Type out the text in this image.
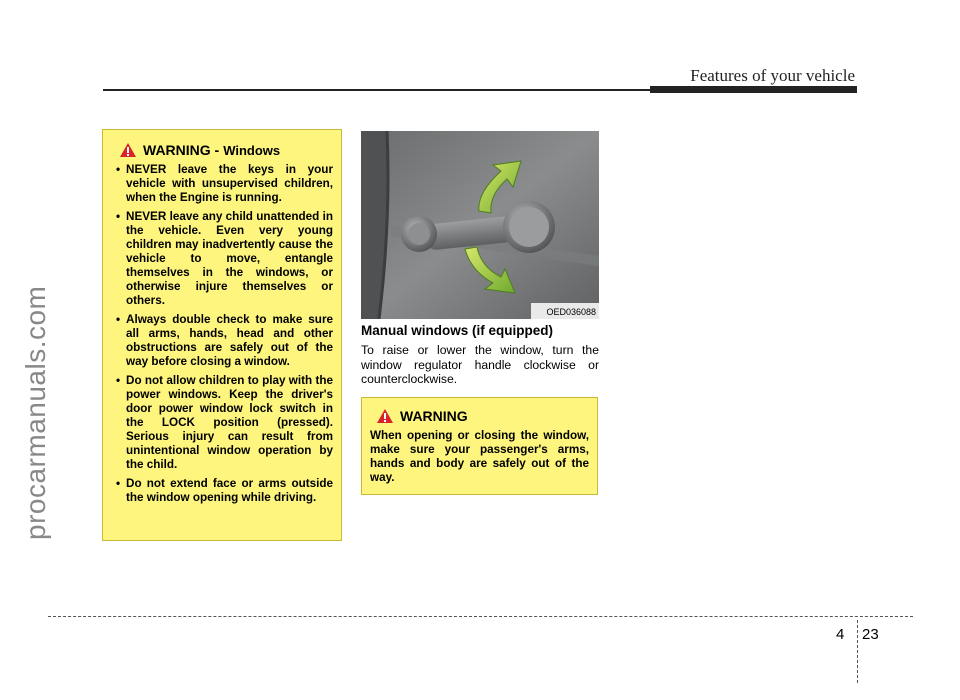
Features of your vehicle
procarmanuals.com
WARNING - Windows
• NEVER leave the keys in your vehicle with unsupervised children, when the Engine is running.
• NEVER leave any child unattended in the vehicle. Even very young children may inadvertently cause the vehicle to move, entangle themselves in the windows, or otherwise injure themselves or others.
• Always double check to make sure all arms, hands, head and other obstructions are safely out of the way before closing a window.
• Do not allow children to play with the power windows. Keep the driver's door power window lock switch in the LOCK position (pressed). Serious injury can result from unintentional window operation by the child.
• Do not extend face or arms outside the window opening while driving.
OED036088
Manual windows (if equipped)
To raise or lower the window, turn the window regulator handle clockwise or counterclockwise.
WARNING
When opening or closing the window, make sure your passenger's arms, hands and body are safely out of the way.
4 23
